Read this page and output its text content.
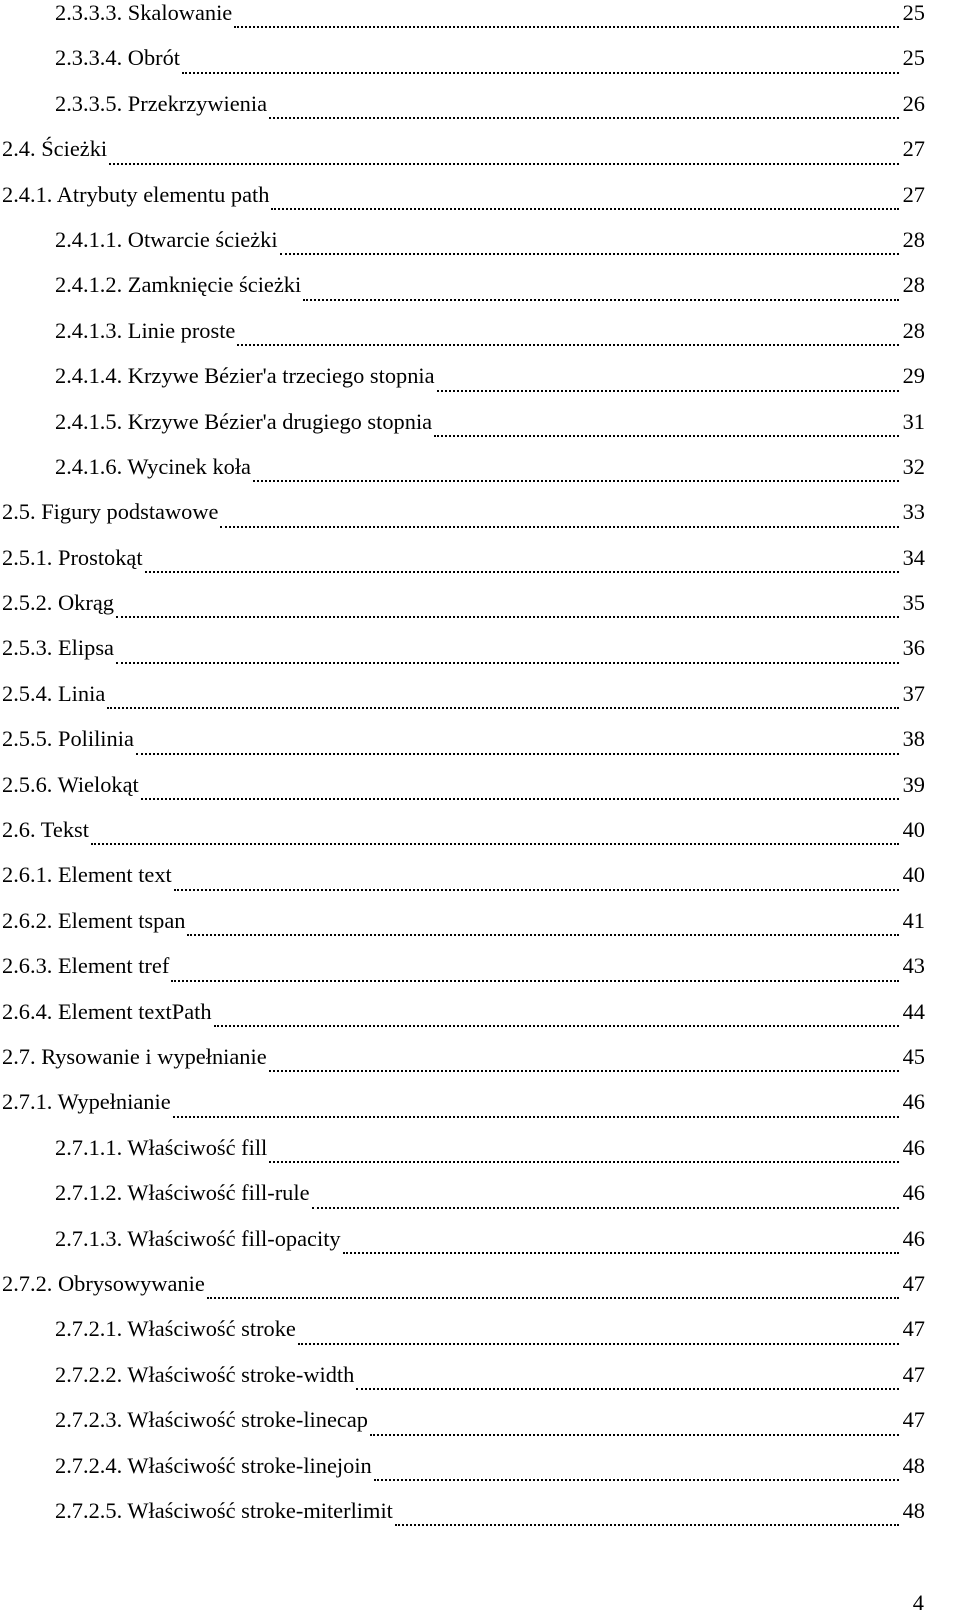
2.3.3.3. Skalowanie	25
2.3.3.4. Obrót	25
2.3.3.5. Przekrzywienia	26
2.4. Ścieżki	27
2.4.1. Atrybuty elementu path	27
2.4.1.1. Otwarcie ścieżki	28
2.4.1.2. Zamknięcie ścieżki	28
2.4.1.3. Linie proste	28
2.4.1.4. Krzywe Bézier'a trzeciego stopnia	29
2.4.1.5. Krzywe Bézier'a drugiego stopnia	31
2.4.1.6. Wycinek koła	32
2.5. Figury podstawowe	33
2.5.1. Prostokąt	34
2.5.2. Okrąg	35
2.5.3. Elipsa	36
2.5.4. Linia	37
2.5.5. Polilinia	38
2.5.6. Wielokąt	39
2.6. Tekst	40
2.6.1. Element text	40
2.6.2. Element tspan	41
2.6.3. Element tref	43
2.6.4. Element textPath	44
2.7. Rysowanie i wypełnianie	45
2.7.1. Wypełnianie	46
2.7.1.1. Właściwość fill	46
2.7.1.2. Właściwość fill-rule	46
2.7.1.3. Właściwość fill-opacity	46
2.7.2. Obrysowywanie	47
2.7.2.1. Właściwość stroke	47
2.7.2.2. Właściwość stroke-width	47
2.7.2.3. Właściwość stroke-linecap	47
2.7.2.4. Właściwość stroke-linejoin	48
2.7.2.5. Właściwość stroke-miterlimit	48
4
